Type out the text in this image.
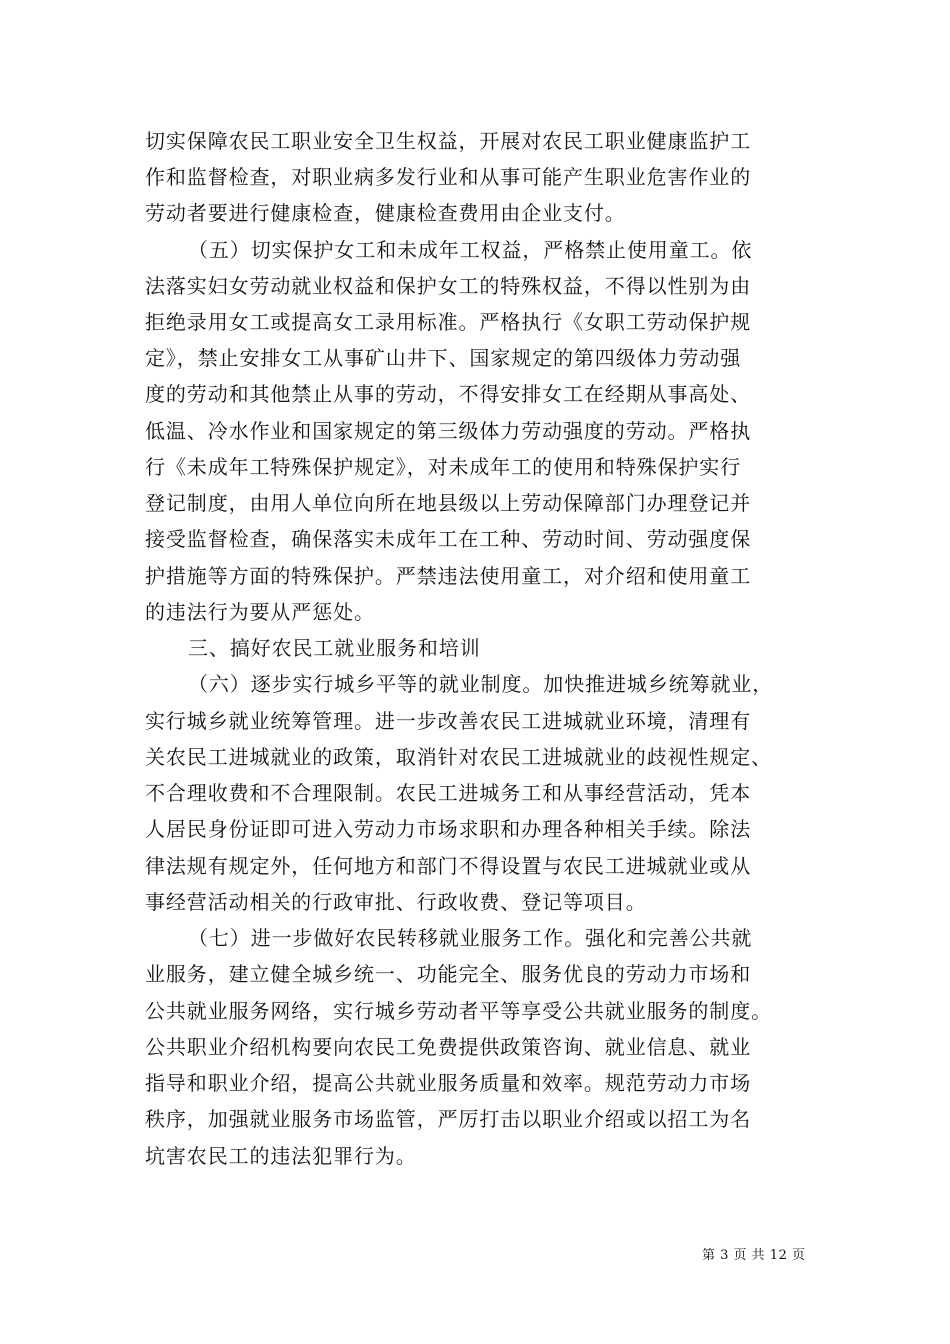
切实保障农民工职业安全卫生权益，开展对农民工职业健康监护工
作和监督检查，对职业病多发行业和从事可能产生职业危害作业的
劳动者要进行健康检查，健康检查费用由企业支付。
（五）切实保护女工和未成年工权益，严格禁止使用童工。依
法落实妇女劳动就业权益和保护女工的特殊权益，不得以性别为由
拒绝录用女工或提高女工录用标准。严格执行《女职工劳动保护规
定》，禁止安排女工从事矿山井下、国家规定的第四级体力劳动强
度的劳动和其他禁止从事的劳动，不得安排女工在经期从事高处、
低温、冷水作业和国家规定的第三级体力劳动强度的劳动。严格执
行《未成年工特殊保护规定》，对未成年工的使用和特殊保护实行
登记制度，由用人单位向所在地县级以上劳动保障部门办理登记并
接受监督检查，确保落实未成年工在工种、劳动时间、劳动强度保
护措施等方面的特殊保护。严禁违法使用童工，对介绍和使用童工
的违法行为要从严惩处。
三、搞好农民工就业服务和培训
（六）逐步实行城乡平等的就业制度。加快推进城乡统筹就业，
实行城乡就业统筹管理。进一步改善农民工进城就业环境，清理有
关农民工进城就业的政策，取消针对农民工进城就业的歧视性规定、
不合理收费和不合理限制。农民工进城务工和从事经营活动，凭本
人居民身份证即可进入劳动力市场求职和办理各种相关手续。除法
律法规有规定外，任何地方和部门不得设置与农民工进城就业或从
事经营活动相关的行政审批、行政收费、登记等项目。
（七）进一步做好农民转移就业服务工作。强化和完善公共就
业服务，建立健全城乡统一、功能完全、服务优良的劳动力市场和
公共就业服务网络，实行城乡劳动者平等享受公共就业服务的制度。
公共职业介绍机构要向农民工免费提供政策咨询、就业信息、就业
指导和职业介绍，提高公共就业服务质量和效率。规范劳动力市场
秩序，加强就业服务市场监管，严厉打击以职业介绍或以招工为名
坑害农民工的违法犯罪行为。
第 3 页 共 12 页
